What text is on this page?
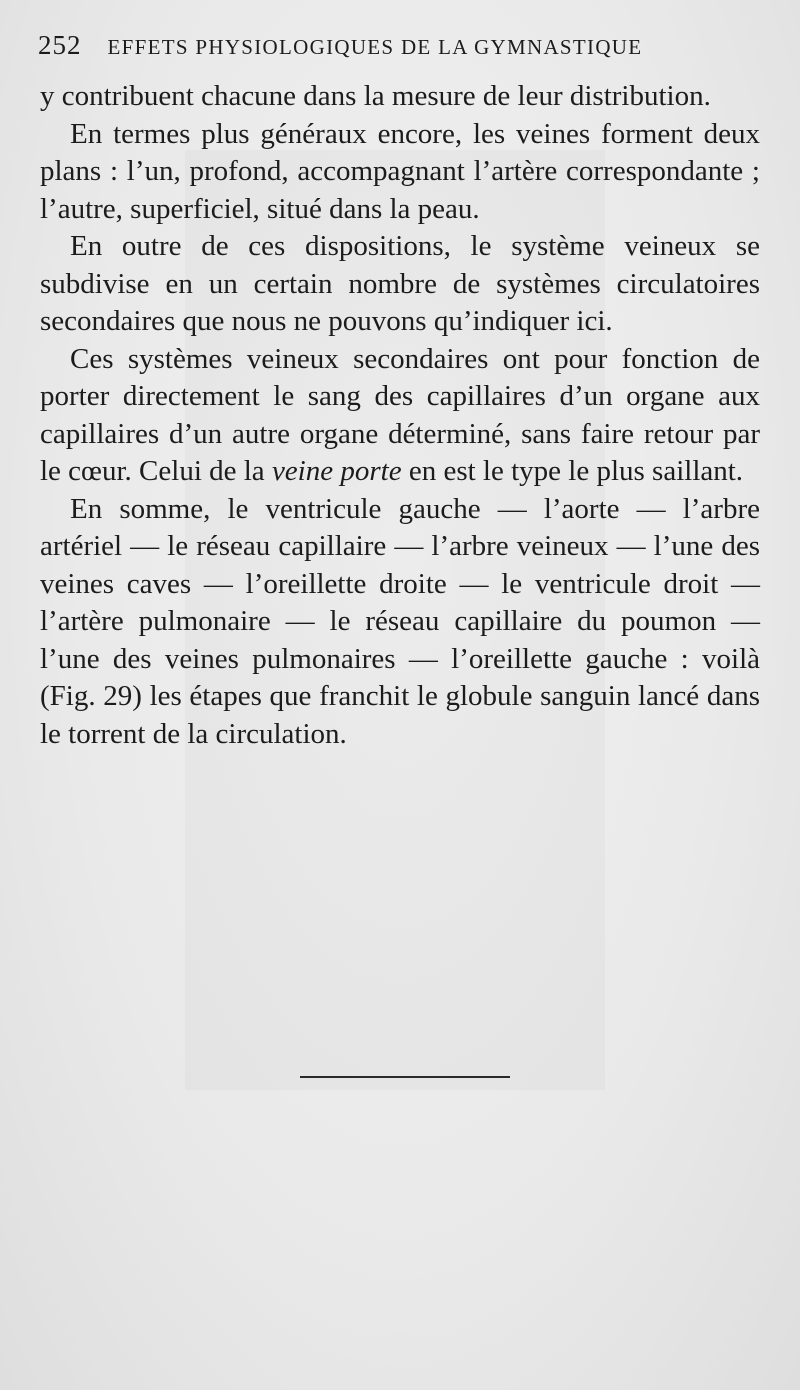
252 EFFETS PHYSIOLOGIQUES DE LA GYMNASTIQUE

y contribuent chacune dans la mesure de leur distribution.

En termes plus généraux encore, les veines forment deux plans : l’un, profond, accompagnant l’artère correspondante ; l’autre, superficiel, situé dans la peau.

En outre de ces dispositions, le système veineux se subdivise en un certain nombre de systèmes circulatoires secondaires que nous ne pouvons qu’indiquer ici.

Ces systèmes veineux secondaires ont pour fonction de porter directement le sang des capillaires d’un organe aux capillaires d’un autre organe déterminé, sans faire retour par le cœur. Celui de la veine porte en est le type le plus saillant.

En somme, le ventricule gauche — l’aorte — l’arbre artériel — le réseau capillaire — l’arbre veineux — l’une des veines caves — l’oreillette droite — le ventricule droit — l’artère pulmonaire — le réseau capillaire du poumon — l’une des veines pulmonaires — l’oreillette gauche : voilà (Fig. 29) les étapes que franchit le globule sanguin lancé dans le torrent de la circulation.
